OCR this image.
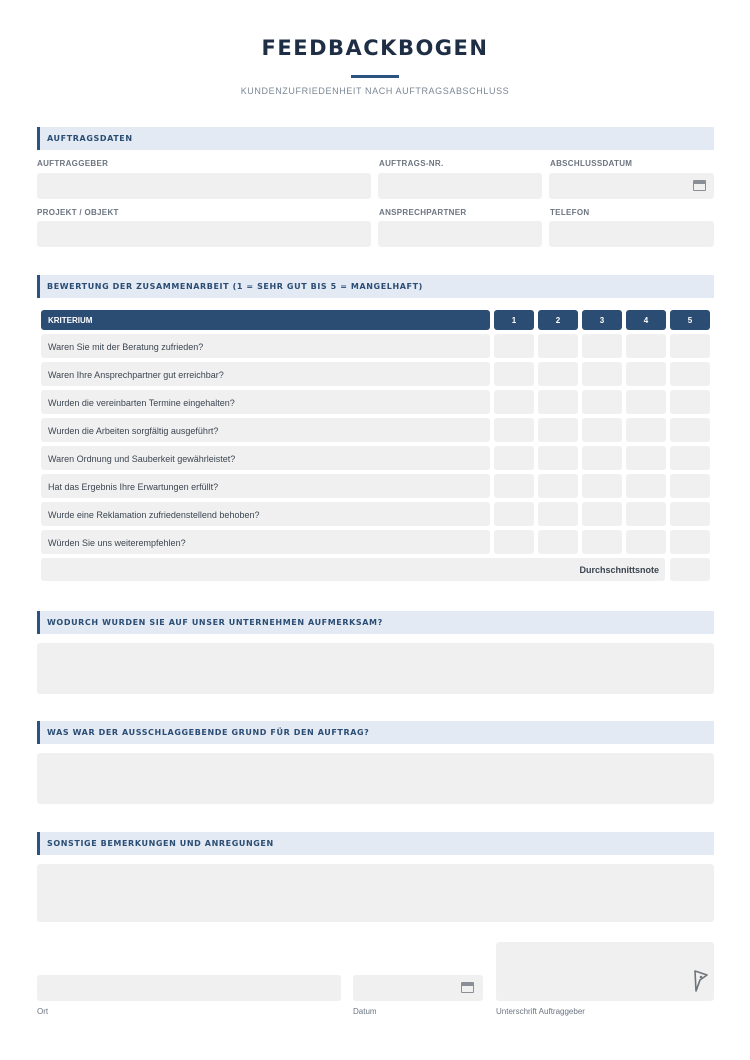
FEEDBACKBOGEN
KUNDENZUFRIEDENHEIT NACH AUFTRAGSABSCHLUSS
AUFTRAGSDATEN
AUFTRAGGEBER	AUFTRAGS-NR.	ABSCHLUSSDATUM
PROJEKT / OBJEKT	ANSPRECHPARTNER	TELEFON
BEWERTUNG DER ZUSAMMENARBEIT (1 = SEHR GUT BIS 5 = MANGELHAFT)
KRITERIUM	1	2	3	4	5
Waren Sie mit der Beratung zufrieden?
Waren Ihre Ansprechpartner gut erreichbar?
Wurden die vereinbarten Termine eingehalten?
Wurden die Arbeiten sorgfältig ausgeführt?
Waren Ordnung und Sauberkeit gewährleistet?
Hat das Ergebnis Ihre Erwartungen erfüllt?
Wurde eine Reklamation zufriedenstellend behoben?
Würden Sie uns weiterempfehlen?
Durchschnittsnote
WODURCH WURDEN SIE AUF UNSER UNTERNEHMEN AUFMERKSAM?
WAS WAR DER AUSSCHLAGGEBENDE GRUND FÜR DEN AUFTRAG?
SONSTIGE BEMERKUNGEN UND ANREGUNGEN
Ort	Datum	Unterschrift Auftraggeber
